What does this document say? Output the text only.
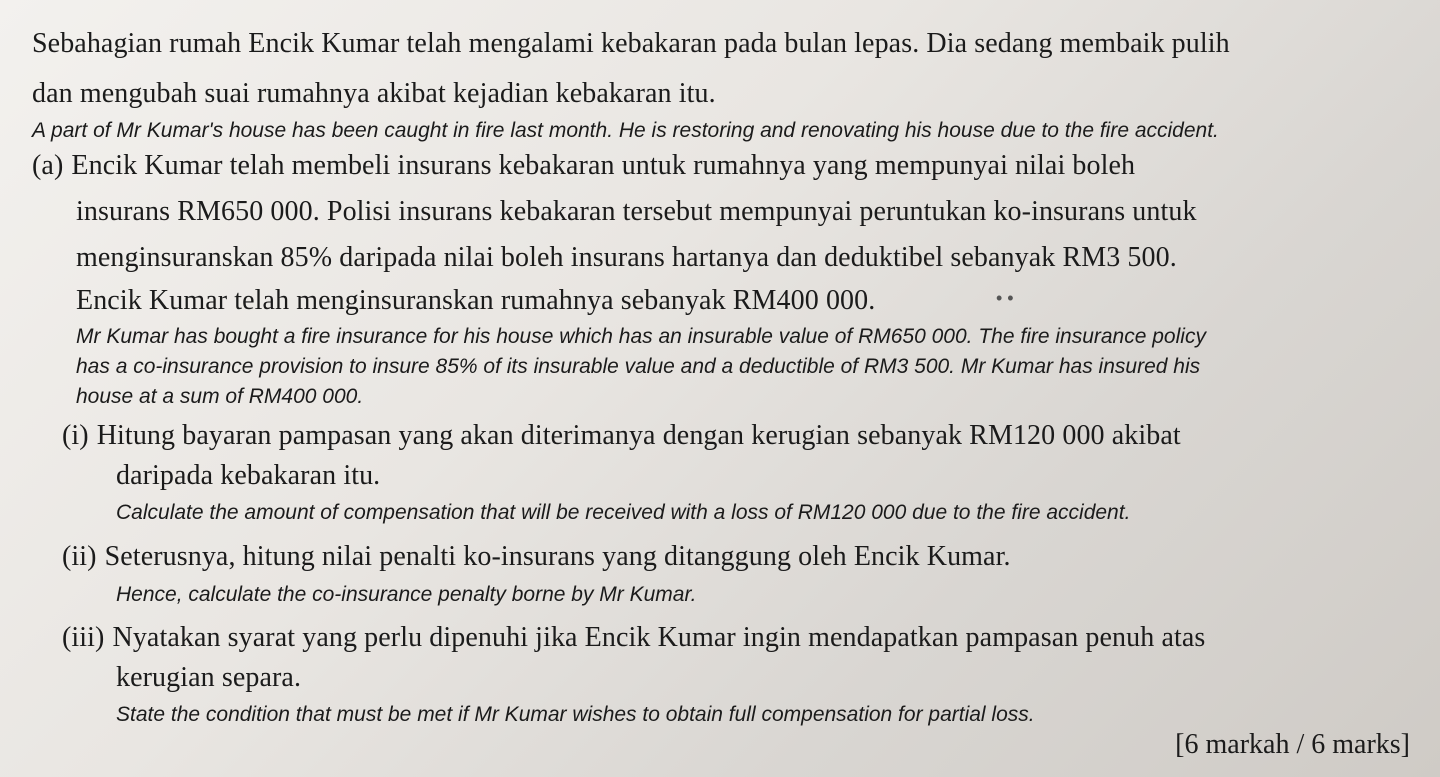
Sebahagian rumah Encik Kumar telah mengalami kebakaran pada bulan lepas. Dia sedang membaik pulih
dan mengubah suai rumahnya akibat kejadian kebakaran itu.
A part of Mr Kumar's house has been caught in fire last month. He is restoring and renovating his house due to the fire accident.
(a) Encik Kumar telah membeli insurans kebakaran untuk rumahnya yang mempunyai nilai boleh
insurans RM650 000. Polisi insurans kebakaran tersebut mempunyai peruntukan ko-insurans untuk
menginsuranskan 85% daripada nilai boleh insurans hartanya dan deduktibel sebanyak RM3 500.
Encik Kumar telah menginsuranskan rumahnya sebanyak RM400 000.	• •
Mr Kumar has bought a fire insurance for his house which has an insurable value of RM650 000. The fire insurance policy
has a co-insurance provision to insure 85% of its insurable value and a deductible of RM3 500. Mr Kumar has insured his
house at a sum of RM400 000.
(i) Hitung bayaran pampasan yang akan diterimanya dengan kerugian sebanyak RM120 000 akibat
daripada kebakaran itu.
Calculate the amount of compensation that will be received with a loss of RM120 000 due to the fire accident.
(ii) Seterusnya, hitung nilai penalti ko-insurans yang ditanggung oleh Encik Kumar.
Hence, calculate the co-insurance penalty borne by Mr Kumar.
(iii) Nyatakan syarat yang perlu dipenuhi jika Encik Kumar ingin mendapatkan pampasan penuh atas
kerugian separa.
State the condition that must be met if Mr Kumar wishes to obtain full compensation for partial loss.
[6 markah / 6 marks]
